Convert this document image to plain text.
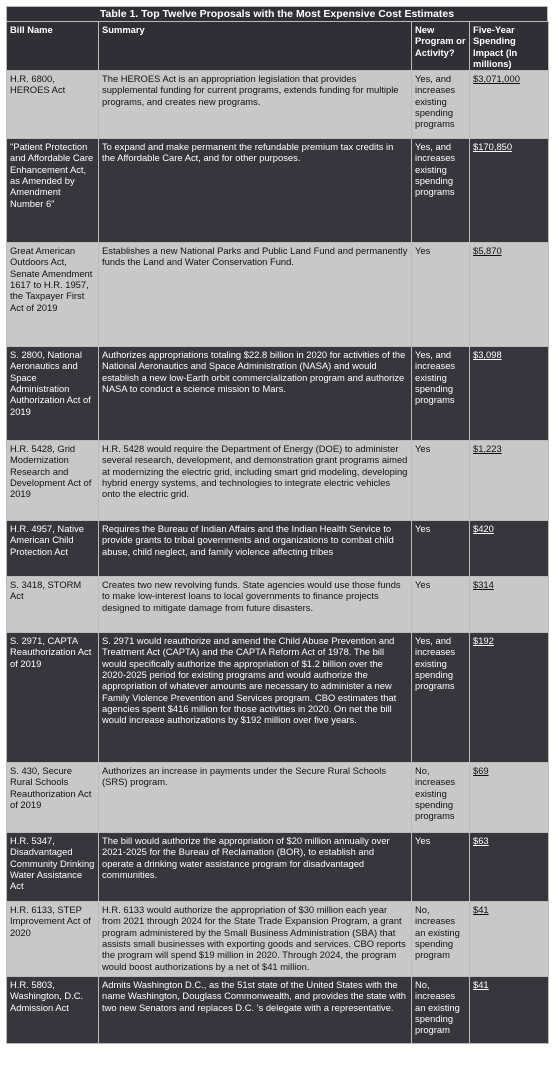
Table 1. Top Twelve Proposals with the Most Expensive Cost Estimates
Bill Name	Summary	New Program or Activity?	Five-Year Spending Impact (In millions)
H.R. 6800, HEROES Act	The HEROES Act is an appropriation legislation that provides supplemental funding for current programs, extends funding for multiple programs, and creates new programs.	Yes, and increases existing spending programs	$3,071,000
"Patient Protection and Affordable Care Enhancement Act, as Amended by Amendment Number 6"	To expand and make permanent the refundable premium tax credits in the Affordable Care Act, and for other purposes.	Yes, and increases existing spending programs	$170,850
Great American Outdoors Act, Senate Amendment 1617 to H.R. 1957, the Taxpayer First Act of 2019	Establishes a new National Parks and Public Land Fund and permanently funds the Land and Water Conservation Fund.	Yes	$5,870
S. 2800, National Aeronautics and Space Administration Authorization Act of 2019	Authorizes appropriations totaling $22.8 billion in 2020 for activities of the National Aeronautics and Space Administration (NASA) and would establish a new low-Earth orbit commercialization program and authorize NASA to conduct a science mission to Mars.	Yes, and increases existing spending programs	$3,098
H.R. 5428, Grid Modernization Research and Development Act of 2019	H.R. 5428 would require the Department of Energy (DOE) to administer several research, development, and demonstration grant programs aimed at modernizing the electric grid, including smart grid modeling, developing hybrid energy systems, and technologies to integrate electric vehicles onto the electric grid.	Yes	$1,223
H.R. 4957, Native American Child Protection Act	Requires the Bureau of Indian Affairs and the Indian Health Service to provide grants to tribal governments and organizations to combat child abuse, child neglect, and family violence affecting tribes	Yes	$420
S. 3418, STORM Act	Creates two new revolving funds. State agencies would use those funds to make low-interest loans to local governments to finance projects designed to mitigate damage from future disasters.	Yes	$314
S. 2971, CAPTA Reauthorization Act of 2019	S. 2971 would reauthorize and amend the Child Abuse Prevention and Treatment Act (CAPTA) and the CAPTA Reform Act of 1978. The bill would specifically authorize the appropriation of $1.2 billion over the 2020-2025 period for existing programs and would authorize the appropriation of whatever amounts are necessary to administer a new Family Violence Prevention and Services program. CBO estimates that agencies spent $416 million for those activities in 2020. On net the bill would increase authorizations by $192 million over five years.	Yes, and increases existing spending programs	$192
S. 430, Secure Rural Schools Reauthorization Act of 2019	Authorizes an increase in payments under the Secure Rural Schools (SRS) program.	No, increases existing spending programs	$69
H.R. 5347, Disadvantaged Community Drinking Water Assistance Act	The bill would authorize the appropriation of $20 million annually over 2021-2025 for the Bureau of Reclamation (BOR), to establish and operate a drinking water assistance program for disadvantaged communities.	Yes	$63
H.R. 6133, STEP Improvement Act of 2020	H.R. 6133 would authorize the appropriation of $30 million each year from 2021 through 2024 for the State Trade Expansion Program, a grant program administered by the Small Business Administration (SBA) that assists small businesses with exporting goods and services. CBO reports the program will spend $19 million in 2020. Through 2024, the program would boost authorizations by a net of $41 million.	No, increases an existing spending program	$41
H.R. 5803, Washington, D.C. Admission Act	Admits Washington D.C., as the 51st state of the United States with the name Washington, Douglass Commonwealth, and provides the state with two new Senators and replaces D.C. 's delegate with a representative.	No, increases an existing spending program	$41
